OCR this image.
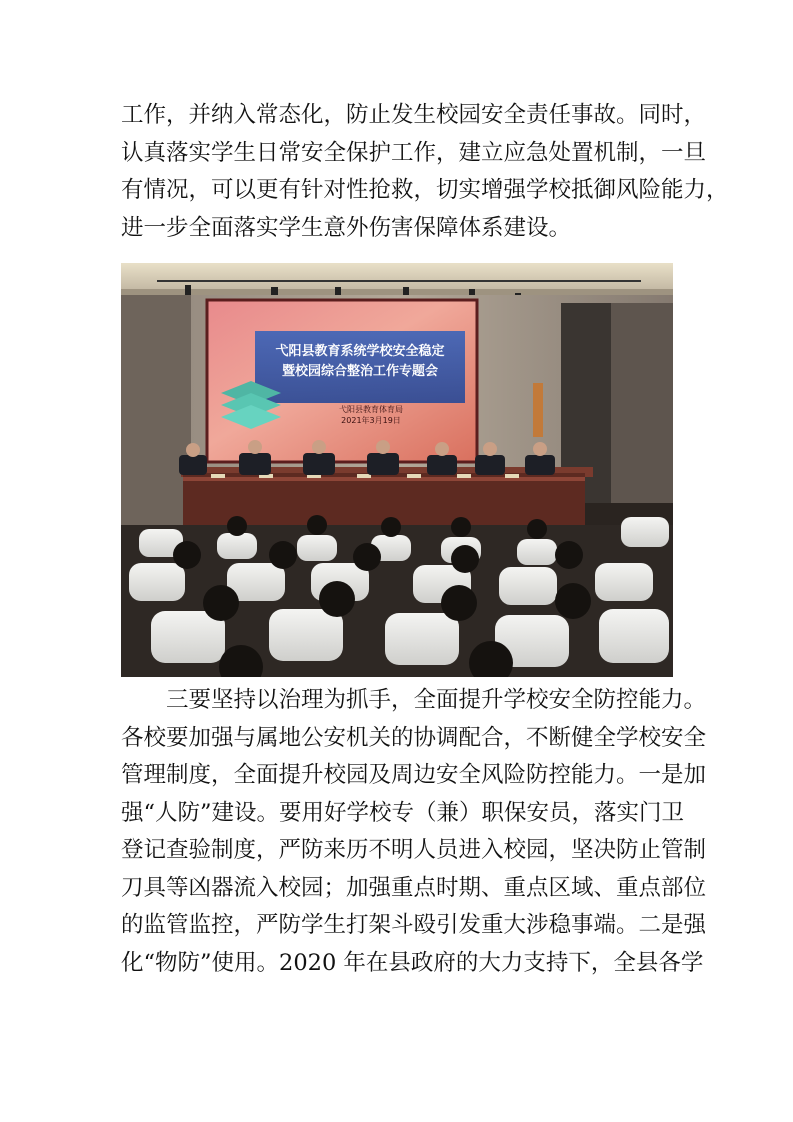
工作，并纳入常态化，防止发生校园安全责任事故。同时，
认真落实学生日常安全保护工作，建立应急处置机制，一旦
有情况，可以更有针对性抢救，切实增强学校抵御风险能力，
进一步全面落实学生意外伤害保障体系建设。
弋阳县教育系统学校安全稳定
暨校园综合整治工作专题会
弋阳县教育体育局
2021年3月19日
三要坚持以治理为抓手，全面提升学校安全防控能力。
各校要加强与属地公安机关的协调配合，不断健全学校安全
管理制度，全面提升校园及周边安全风险防控能力。一是加
强“人防”建设。要用好学校专（兼）职保安员，落实门卫
登记查验制度，严防来历不明人员进入校园，坚决防止管制
刀具等凶器流入校园；加强重点时期、重点区域、重点部位
的监管监控，严防学生打架斗殴引发重大涉稳事端。二是强
化“物防”使用。2020 年在县政府的大力支持下，全县各学
